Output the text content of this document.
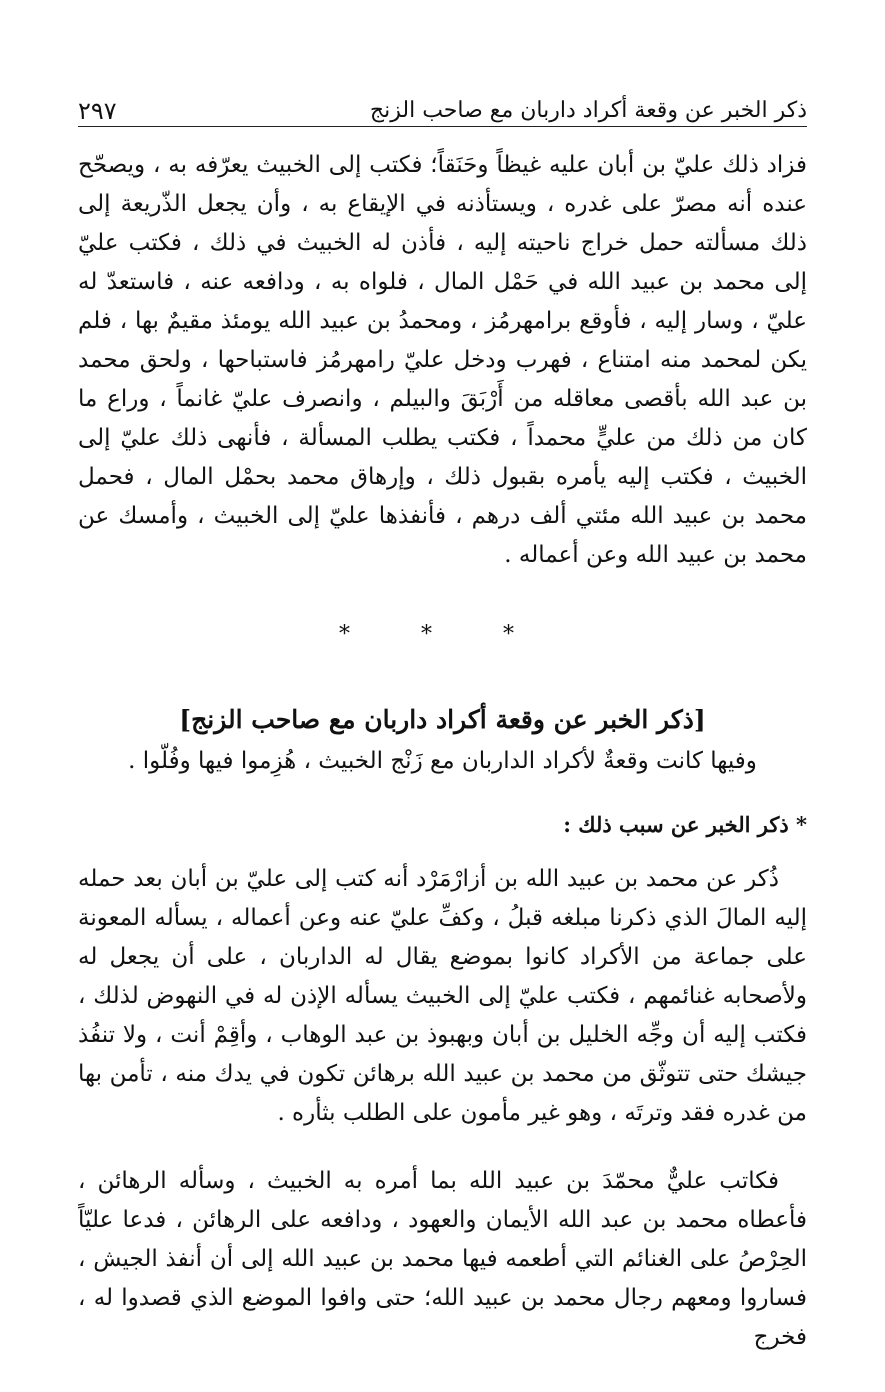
٢٩٧	ذكر الخبر عن وقعة أكراد داربان مع صاحب الزنج

فزاد ذلك عليّ بن أبان عليه غيظاً وحَنَقاً؛ فكتب إلى الخبيث يعرّفه به ، ويصحّح عنده أنه مصرّ على غدره ، ويستأذنه في الإيقاع به ، وأن يجعل الذّريعة إلى ذلك مسألته حمل خراج ناحيته إليه ، فأذن له الخبيث في ذلك ، فكتب عليّ إلى محمد بن عبيد الله في حَمْل المال ، فلواه به ، ودافعه عنه ، فاستعدّ له عليّ ، وسار إليه ، فأوقع برامهرمُز ، ومحمدُ بن عبيد الله يومئذ مقيمٌ بها ، فلم يكن لمحمد منه امتناع ، فهرب ودخل عليّ رامهرمُز فاستباحها ، ولحق محمد بن عبد الله بأقصى معاقله من أَرْبَقَ والبيلم ، وانصرف عليّ غانماً ، وراع ما كان من ذلك من عليٍّ محمداً ، فكتب يطلب المسألة ، فأنهى ذلك عليّ إلى الخبيث ، فكتب إليه يأمره بقبول ذلك ، وإرهاق محمد بحمْل المال ، فحمل محمد بن عبيد الله مئتي ألف درهم ، فأنفذها عليّ إلى الخبيث ، وأمسك عن محمد بن عبيد الله وعن أعماله .

* * *
[ذكر الخبر عن وقعة أكراد داربان مع صاحب الزنج]

وفيها كانت وقعةٌ لأكراد الداربان مع زَنْج الخبيث ، هُزِموا فيها وفُلّوا .

* ذكر الخبر عن سبب ذلك :

ذُكر عن محمد بن عبيد الله بن أزارْمَرْد أنه كتب إلى عليّ بن أبان بعد حمله إليه المالَ الذي ذكرنا مبلغه قبلُ ، وكفِّ عليّ عنه وعن أعماله ، يسأله المعونة على جماعة من الأكراد كانوا بموضع يقال له الداربان ، على أن يجعل له ولأصحابه غنائمهم ، فكتب عليّ إلى الخبيث يسأله الإذن له في النهوض لذلك ، فكتب إليه أن وجِّه الخليل بن أبان وبهبوذ بن عبد الوهاب ، وأقِمْ أنت ، ولا تنفُذ جيشك حتى تتوثّق من محمد بن عبيد الله برهائن تكون في يدك منه ، تأمن بها من غدره فقد وترتَه ، وهو غير مأمون على الطلب بثأره .

فكاتب عليٌّ محمّدَ بن عبيد الله بما أمره به الخبيث ، وسأله الرهائن ، فأعطاه محمد بن عبد الله الأيمان والعهود ، ودافعه على الرهائن ، فدعا عليّاً الحِرْصُ على الغنائم التي أطعمه فيها محمد بن عبيد الله إلى أن أنفذ الجيش ، فساروا ومعهم رجال محمد بن عبيد الله؛ حتى وافوا الموضع الذي قصدوا له ، فخرج
